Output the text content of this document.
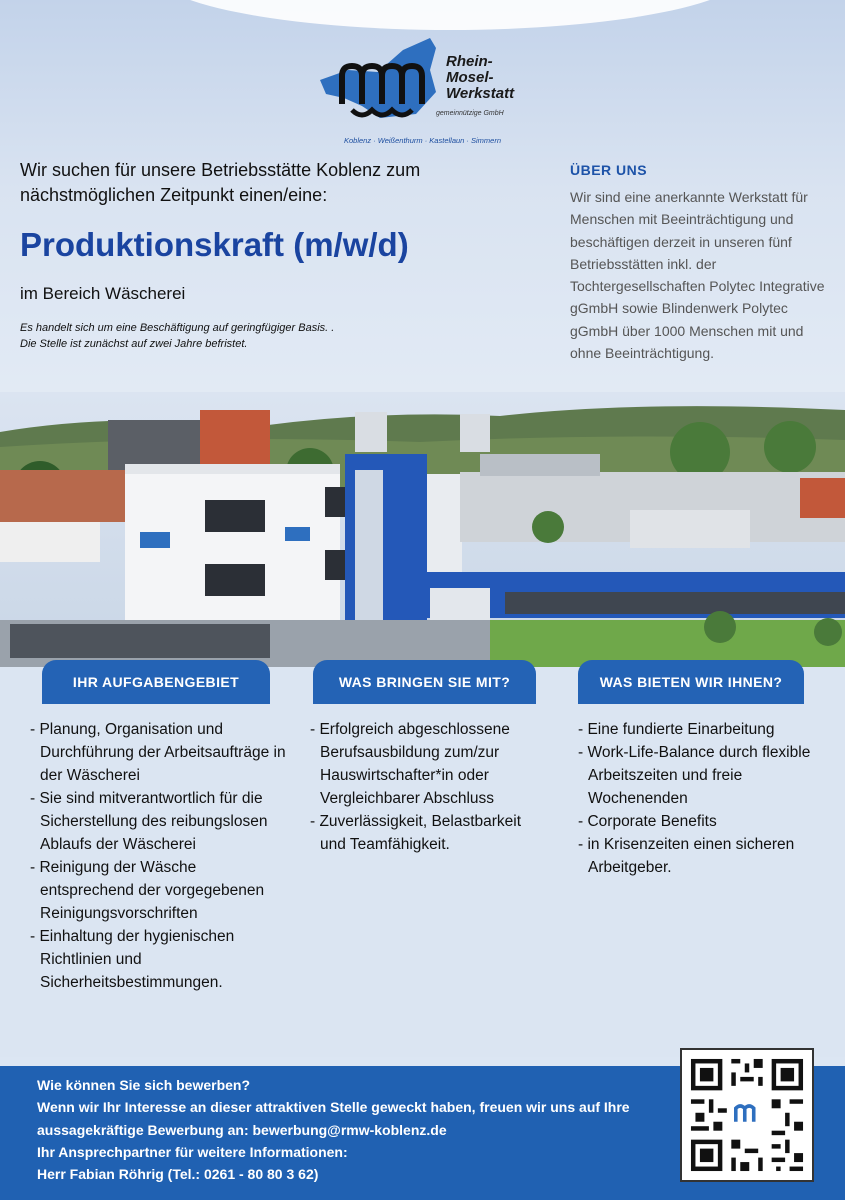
Rhein-
Mosel-
Werkstatt
gemeinnützige GmbH
Koblenz · Weißenthurm · Kastellaun · Simmern
Wir suchen für unsere Betriebsstätte Koblenz zum nächstmöglichen Zeitpunkt einen/eine:
Produktionskraft (m/w/d)
im Bereich Wäscherei
Es handelt sich um eine Beschäftigung auf geringfügiger Basis. .
Die Stelle ist zunächst auf zwei Jahre befristet.
ÜBER UNS
Wir sind eine anerkannte Werkstatt für Menschen mit Beeinträchtigung und beschäftigen derzeit in unseren fünf Betriebsstätten inkl. der Tochtergesellschaften Polytec Integrative gGmbH sowie Blindenwerk Polytec gGmbH über 1000 Menschen mit und ohne Beeinträchtigung.
IHR AUFGABENGEBIET	WAS BRINGEN SIE MIT?	WAS BIETEN WIR IHNEN?
- Planung, Organisation und Durchführung der Arbeitsaufträge in der Wäscherei
- Sie sind mitverantwortlich für die Sicherstellung des reibungslosen Ablaufs der Wäscherei
- Reinigung der Wäsche entsprechend der vorgegebenen Reinigungsvorschriften
- Einhaltung der hygienischen Richtlinien und Sicherheitsbestimmungen.
- Erfolgreich abgeschlossene Berufsausbildung zum/zur Hauswirtschafter*in oder Vergleichbarer Abschluss
- Zuverlässigkeit, Belastbarkeit und Teamfähigkeit.
- Eine fundierte Einarbeitung
- Work-Life-Balance durch flexible Arbeitszeiten und freie Wochenenden
- Corporate Benefits
- in Krisenzeiten einen sicheren Arbeitgeber.
Wie können Sie sich bewerben?
Wenn wir Ihr Interesse an dieser attraktiven Stelle geweckt haben, freuen wir uns auf Ihre aussagekräftige Bewerbung an: bewerbung@rmw-koblenz.de
Ihr Ansprechpartner für weitere Informationen:
Herr Fabian Röhrig (Tel.: 0261 - 80 80 3 62)
